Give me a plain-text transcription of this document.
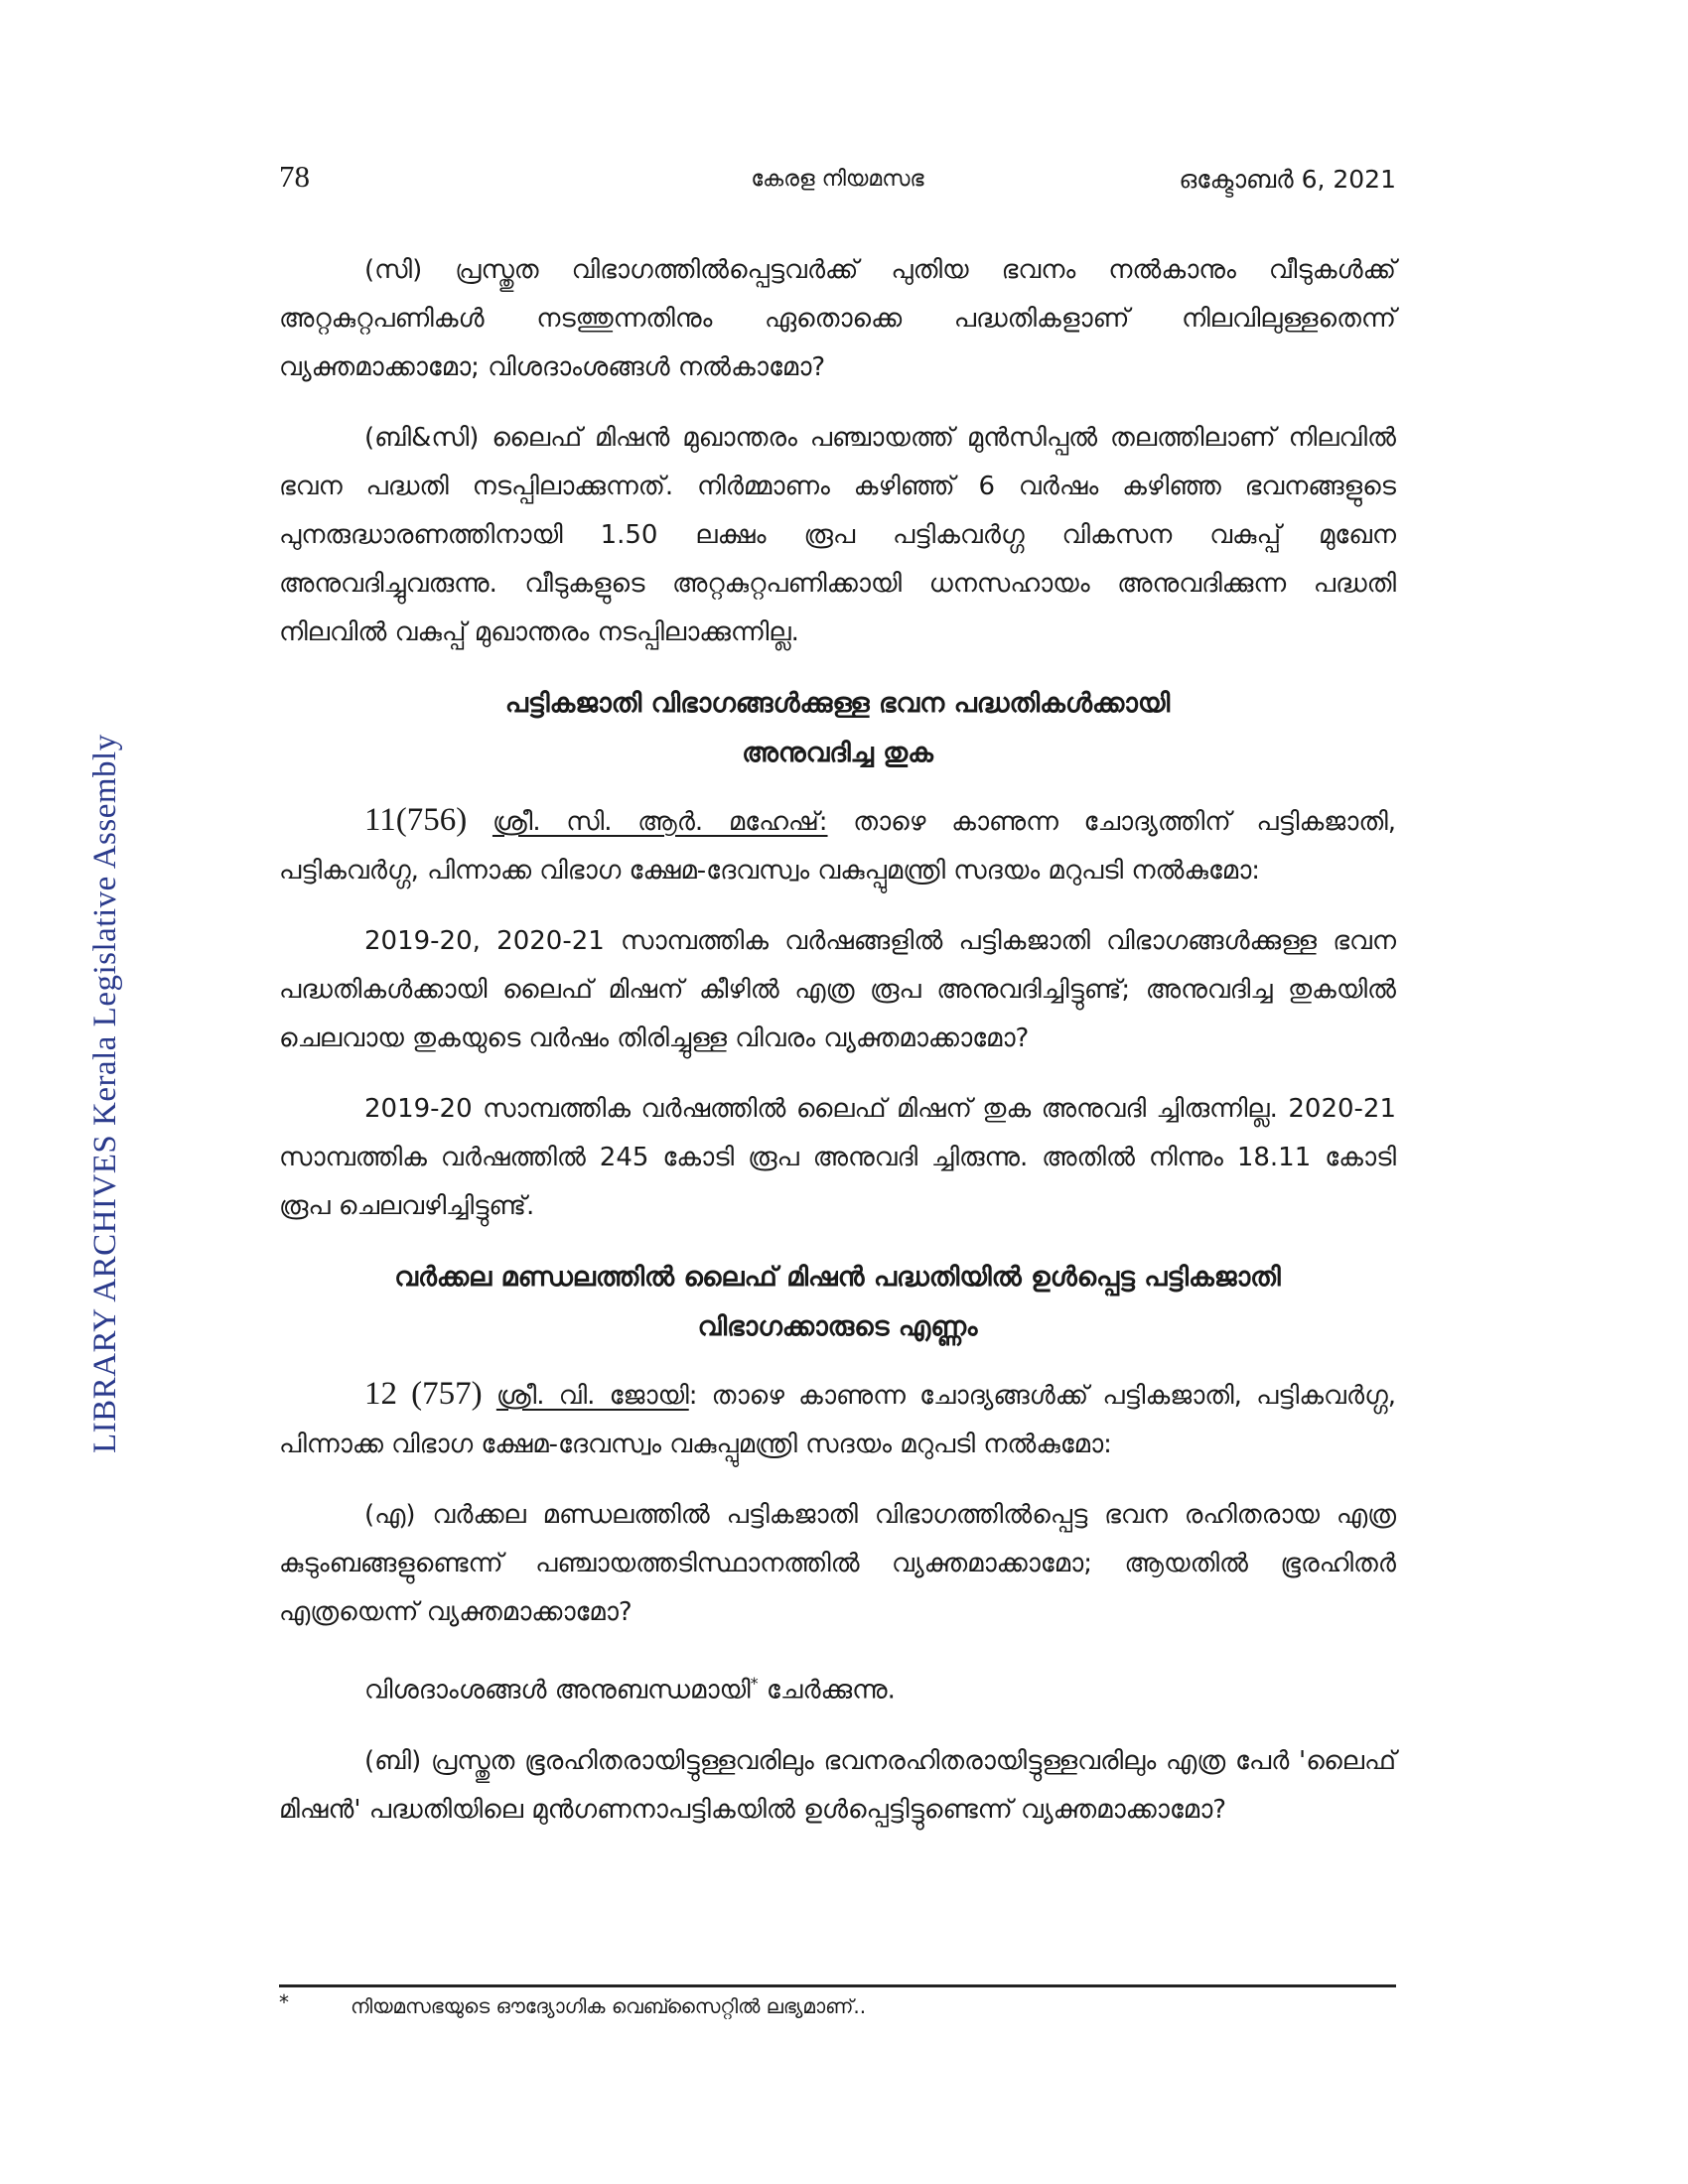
LIBRARY ARCHIVES Kerala Legislative Assembly
78	കേരള നിയമസഭ	ഒക്ടോബർ 6, 2021

(സി) പ്രസ്തുത വിഭാഗത്തിൽപ്പെട്ടവർക്ക് പുതിയ ഭവനം നൽകാനും വീടുകൾക്ക് അറ്റകുറ്റപണികൾ നടത്തുന്നതിനും ഏതൊക്കെ പദ്ധതികളാണ് നിലവിലുള്ളതെന്ന് വ്യക്തമാക്കാമോ; വിശദാംശങ്ങൾ നൽകാമോ?

(ബി&സി) ലൈഫ് മിഷൻ മുഖാന്തരം പഞ്ചായത്ത് മുൻസിപ്പൽ തലത്തിലാണ് നിലവിൽ ഭവന പദ്ധതി നടപ്പിലാക്കുന്നത്. നിർമ്മാണം കഴിഞ്ഞ് 6 വർഷം കഴിഞ്ഞ ഭവനങ്ങളുടെ പുനരുദ്ധാരണത്തിനായി 1.50 ലക്ഷം രൂപ പട്ടികവർഗ്ഗ വികസന വകുപ്പ് മുഖേന അനുവദിച്ചുവരുന്നു. വീടുകളുടെ അറ്റകുറ്റപണിക്കായി ധനസഹായം അനുവദിക്കുന്ന പദ്ധതി നിലവിൽ വകുപ്പ് മുഖാന്തരം നടപ്പിലാക്കുന്നില്ല.

പട്ടികജാതി വിഭാഗങ്ങൾക്കുള്ള ഭവന പദ്ധതികൾക്കായി
അനുവദിച്ച തുക

11(756) ശ്രീ. സി. ആർ. മഹേഷ്: താഴെ കാണുന്ന ചോദ്യത്തിന് പട്ടികജാതി, പട്ടികവർഗ്ഗ, പിന്നാക്ക വിഭാഗ ക്ഷേമ-ദേവസ്വം വകുപ്പുമന്ത്രി സദയം മറുപടി നൽകുമോ:

2019-20, 2020-21 സാമ്പത്തിക വർഷങ്ങളിൽ പട്ടികജാതി വിഭാഗങ്ങൾക്കുള്ള ഭവന പദ്ധതികൾക്കായി ലൈഫ് മിഷന് കീഴിൽ എത്ര രൂപ അനുവദിച്ചിട്ടുണ്ട്; അനുവദിച്ച തുകയിൽ ചെലവായ തുകയുടെ വർഷം തിരിച്ചുള്ള വിവരം വ്യക്തമാക്കാമോ?

2019-20 സാമ്പത്തിക വർഷത്തിൽ ലൈഫ് മിഷന് തുക അനുവദി ച്ചിരുന്നില്ല. 2020-21 സാമ്പത്തിക വർഷത്തിൽ 245 കോടി രൂപ അനുവദി ച്ചിരുന്നു. അതിൽ നിന്നും 18.11 കോടി രൂപ ചെലവഴിച്ചിട്ടുണ്ട്.

വർക്കല മണ്ഡലത്തിൽ ലൈഫ് മിഷൻ പദ്ധതിയിൽ ഉൾപ്പെട്ട പട്ടികജാതി
വിഭാഗക്കാരുടെ എണ്ണം

12 (757) ശ്രീ. വി. ജോയി: താഴെ കാണുന്ന ചോദ്യങ്ങൾക്ക് പട്ടികജാതി, പട്ടികവർഗ്ഗ, പിന്നാക്ക വിഭാഗ ക്ഷേമ-ദേവസ്വം വകുപ്പുമന്ത്രി സദയം മറുപടി നൽകുമോ:

(എ) വർക്കല മണ്ഡലത്തിൽ പട്ടികജാതി വിഭാഗത്തിൽപ്പെട്ട ഭവന രഹിതരായ എത്ര കുടുംബങ്ങളുണ്ടെന്ന് പഞ്ചായത്തടിസ്ഥാനത്തിൽ വ്യക്തമാക്കാമോ; ആയതിൽ ഭൂരഹിതർ എത്രയെന്ന് വ്യക്തമാക്കാമോ?

വിശദാംശങ്ങൾ അനുബന്ധമായി* ചേർക്കുന്നു.

(ബി) പ്രസ്തുത ഭൂരഹിതരായിട്ടുള്ളവരിലും ഭവനരഹിതരായിട്ടുള്ളവരിലും എത്ര പേർ 'ലൈഫ് മിഷൻ' പദ്ധതിയിലെ മുൻഗണനാപട്ടികയിൽ ഉൾപ്പെട്ടിട്ടുണ്ടെന്ന് വ്യക്തമാക്കാമോ?

*	നിയമസഭയുടെ ഔദ്യോഗിക വെബ്സൈറ്റിൽ ലഭ്യമാണ്..
